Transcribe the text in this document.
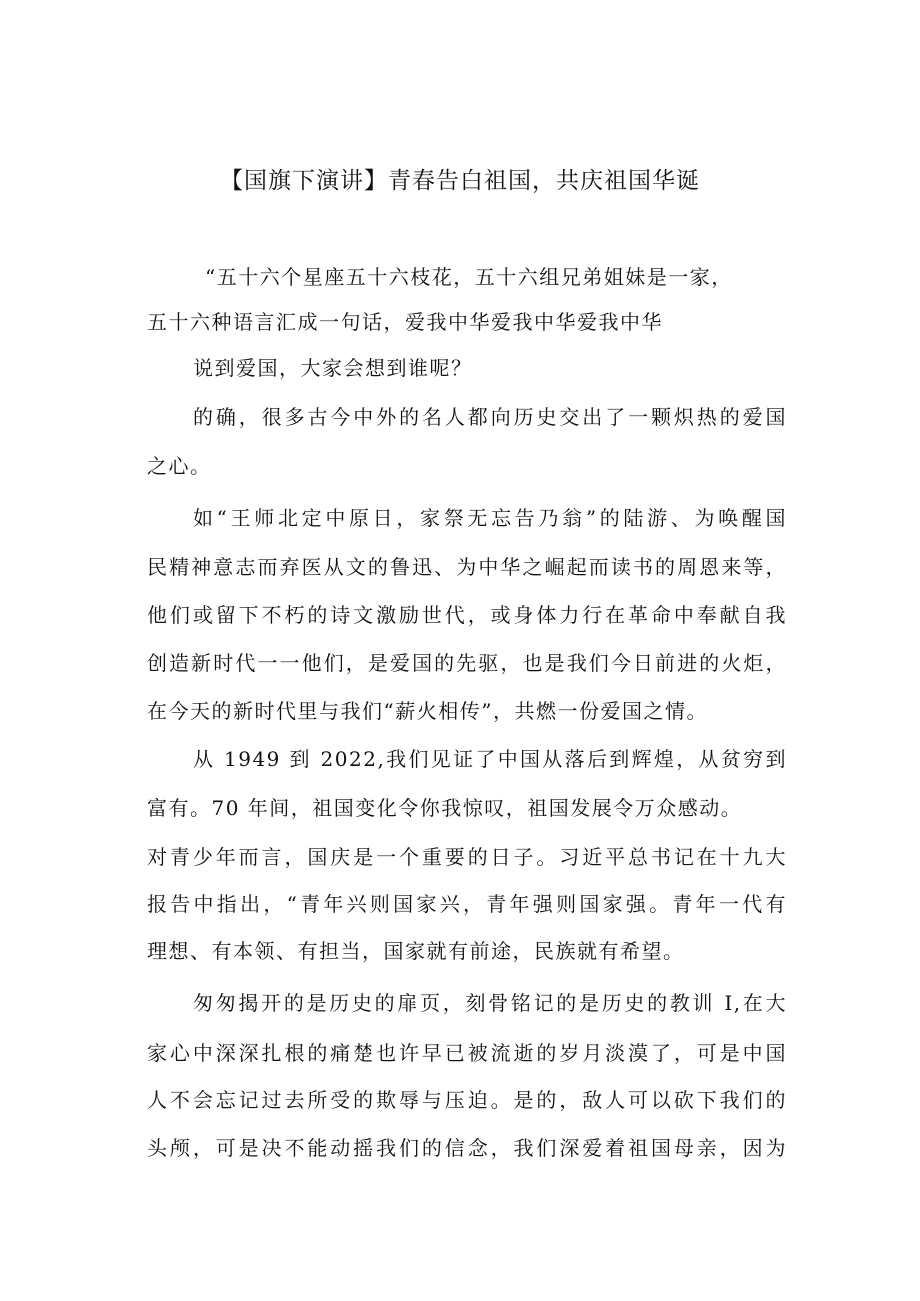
【国旗下演讲】青春告白祖国，共庆祖国华诞
“五十六个星座五十六枝花，五十六组兄弟姐妹是一家，
五十六种语言汇成一句话，爱我中华爱我中华爱我中华
说到爱国，大家会想到谁呢？
的确，很多古今中外的名人都向历史交出了一颗炽热的爱国
之心。
如“王师北定中原日，家祭无忘告乃翁”的陆游、为唤醒国
民精神意志而弃医从文的鲁迅、为中华之崛起而读书的周恩来等，
他们或留下不朽的诗文激励世代，或身体力行在革命中奉献自我
创造新时代一一他们，是爱国的先驱，也是我们今日前进的火炬，
在今天的新时代里与我们“薪火相传”，共燃一份爱国之情。
从 1949 到 2022,我们见证了中国从落后到辉煌，从贫穷到
富有。70 年间，祖国变化令你我惊叹，祖国发展令万众感动。
对青少年而言，国庆是一个重要的日子。习近平总书记在十九大
报告中指出，“青年兴则国家兴，青年强则国家强。青年一代有
理想、有本领、有担当，国家就有前途，民族就有希望。
匆匆揭开的是历史的扉页，刻骨铭记的是历史的教训 I,在大
家心中深深扎根的痛楚也许早已被流逝的岁月淡漠了，可是中国
人不会忘记过去所受的欺辱与压迫。是的，敌人可以砍下我们的
头颅，可是决不能动摇我们的信念，我们深爱着祖国母亲，因为
